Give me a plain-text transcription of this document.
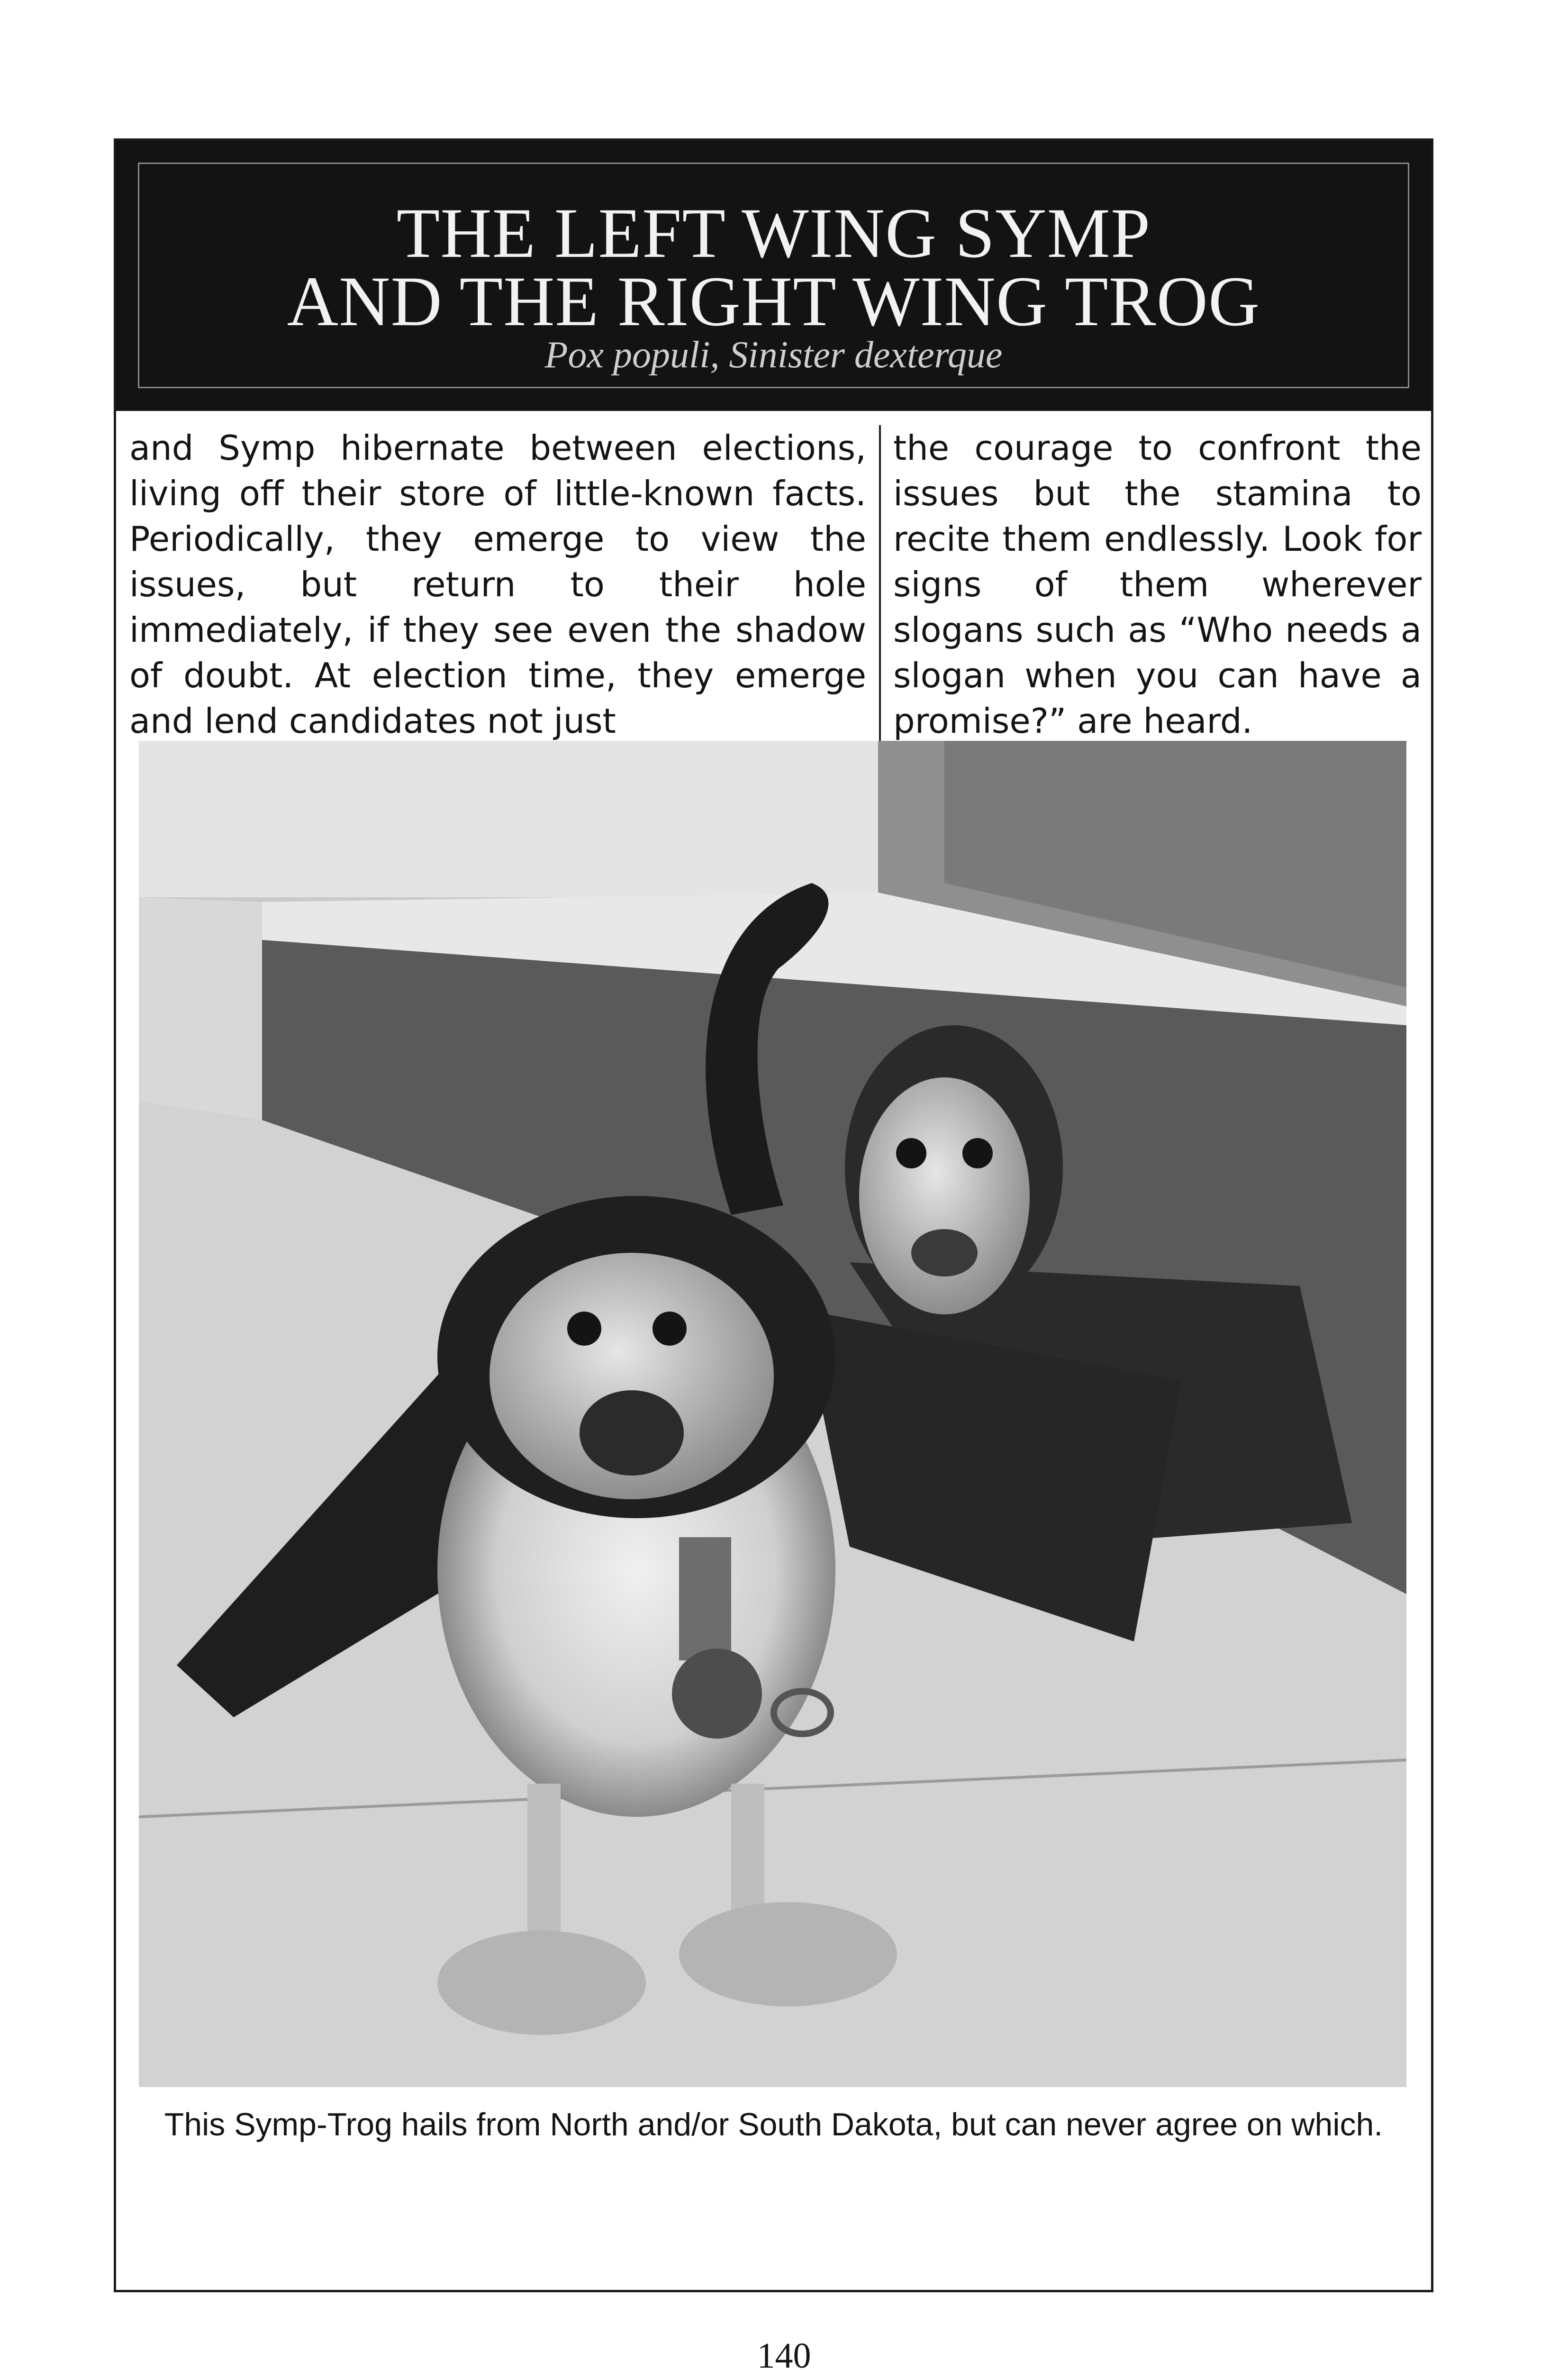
THE LEFT WING SYMP
AND THE RIGHT WING TROG
Pox populi, Sinister dexterque

and Symp hibernate between elections, living off their store of little-known facts. Periodically, they emerge to view the issues, but return to their hole immediately, if they see even the shadow of doubt. At election time, they emerge and lend candidates not just

the courage to confront the issues but the stamina to recite them endlessly. Look for signs of them wherever slogans such as “Who needs a slogan when you can have a promise?” are heard.

This Symp-Trog hails from North and/or South Dakota, but can never agree on which.

140
